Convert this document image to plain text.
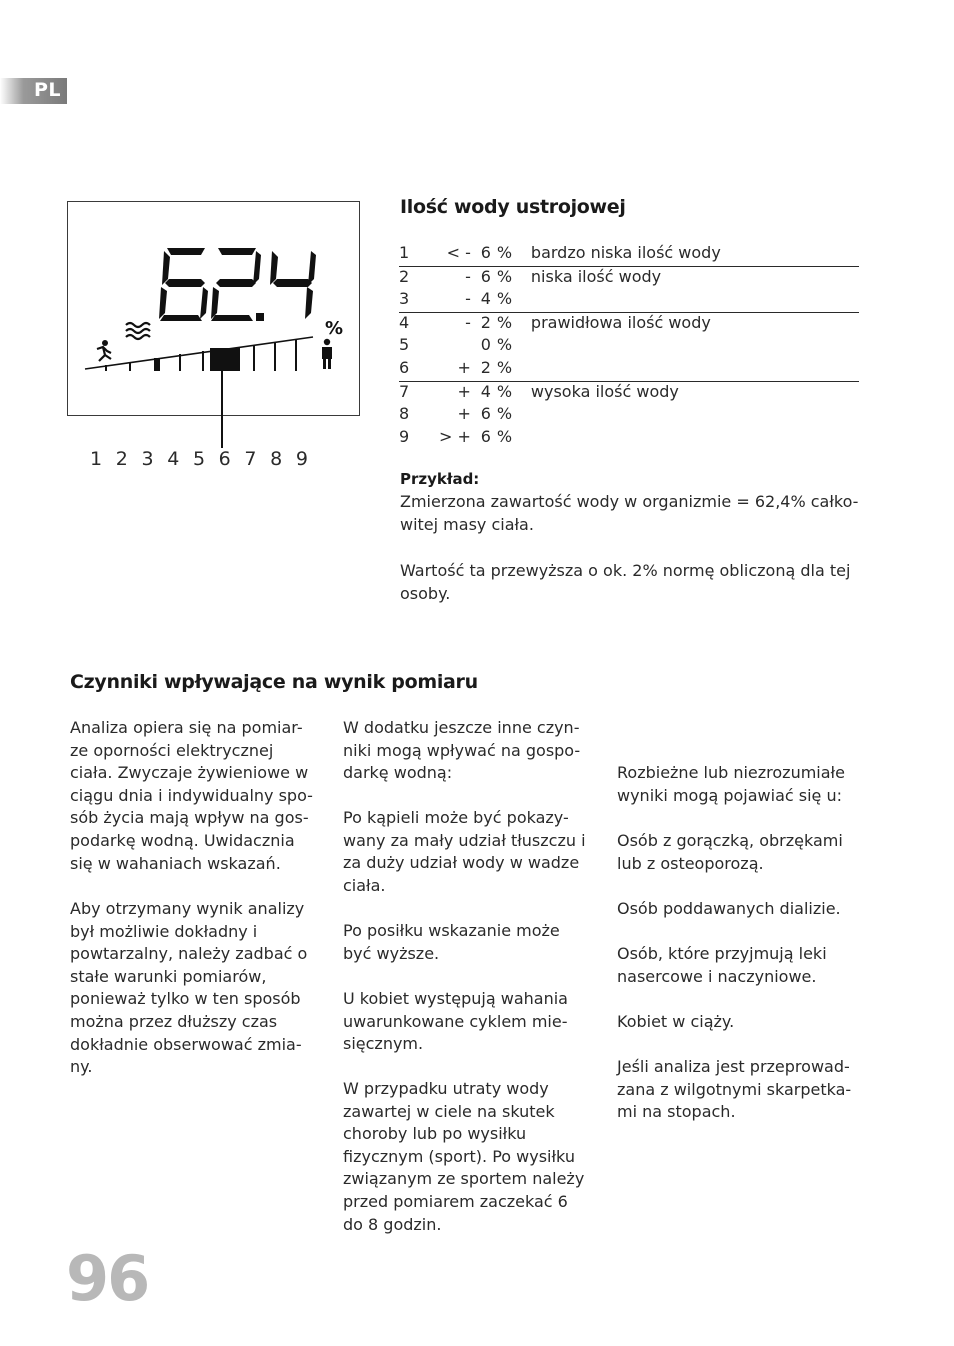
PL
%
1 2 3 4 5 6 7 8 9
Ilość wody ustrojowej
1	< -	6	%	bardzo niska ilość wody
2	-	6	%	niska ilość wody
3	-	4	%	
4	-	2	%	prawidłowa ilość wody
5		0	%	
6	+	2	%	
7	+	4	%	wysoka ilość wody
8	+	6	%	
9	> +	6	%	
Przykład:

Zmierzona zawartość wody w organizmie = 62,4% całko-
witej masy ciała.

Wartość ta przewyższa o ok. 2% normę obliczoną dla tej
osoby.

Czynniki wpływające na wynik pomiaru

Analiza opiera się na pomiar-
ze oporności elektrycznej
ciała. Zwyczaje żywieniowe w
ciągu dnia i indywidualny spo-
sób życia mają wpływ na gos-
podarkę wodną. Uwidacznia
się w wahaniach wskazań.

Aby otrzymany wynik analizy
był możliwie dokładny i
powtarzalny, należy zadbać o
stałe warunki pomiarów,
ponieważ tylko w ten sposób
można przez dłuższy czas
dokładnie obserwować zmia-
ny.

W dodatku jeszcze inne czyn-
niki mogą wpływać na gospo-
darkę wodną:

Po kąpieli może być pokazy-
wany za mały udział tłuszczu i
za duży udział wody w wadze
ciała.

Po posiłku wskazanie może
być wyższe.

U kobiet występują wahania
uwarunkowane cyklem mie-
sięcznym.

W przypadku utraty wody
zawartej w ciele na skutek
choroby lub po wysiłku
fizycznym (sport). Po wysiłku
związanym ze sportem należy
przed pomiarem zaczekać 6
do 8 godzin.

Rozbieżne lub niezrozumiałe
wyniki mogą pojawiać się u:

Osób z gorączką, obrzękami
lub z osteoporozą.

Osób poddawanych dializie.

Osób, które przyjmują leki
nasercowe i naczyniowe.

Kobiet w ciąży.

Jeśli analiza jest przeprowad-
zana z wilgotnymi skarpetka-
mi na stopach.

96
